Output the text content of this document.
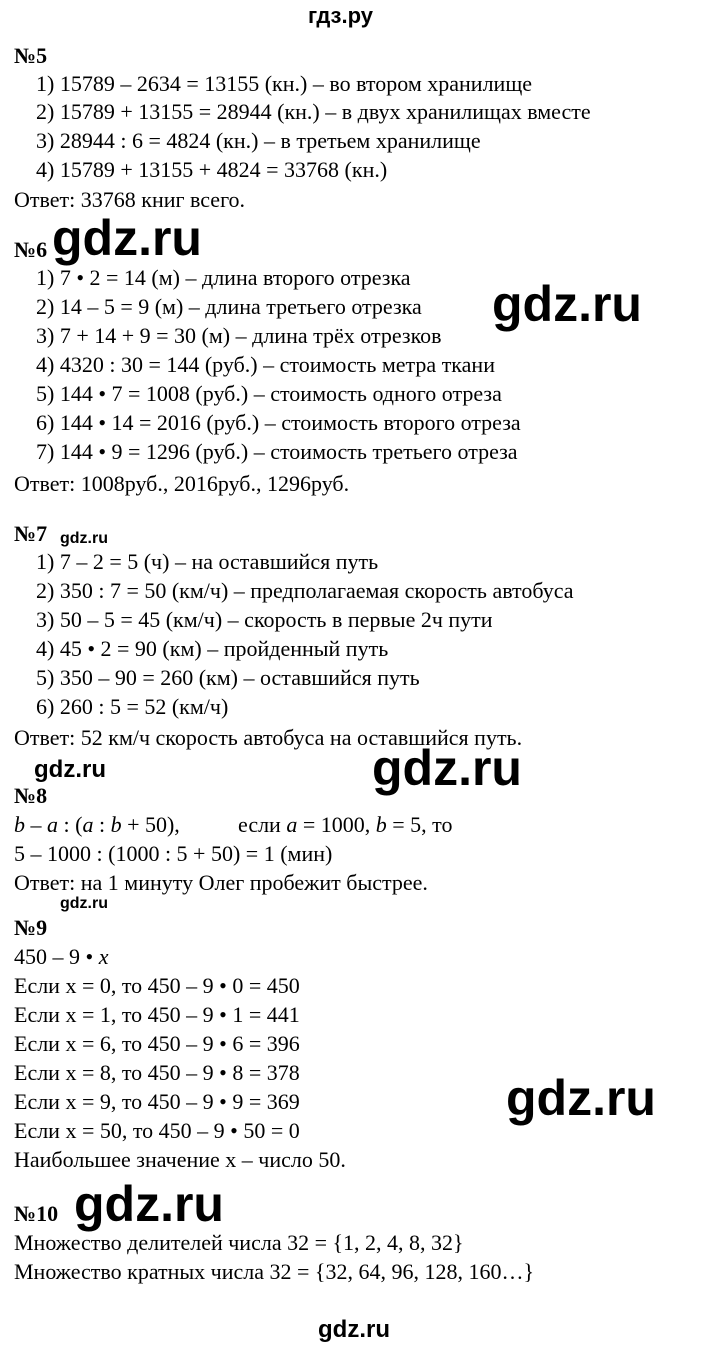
гдз.ру
№5
1) 15789 – 2634 = 13155 (кн.) – во втором хранилище
2) 15789 + 13155 = 28944 (кн.) – в двух хранилищах вместе
3) 28944 : 6 = 4824 (кн.) – в третьем хранилище
4) 15789 + 13155 + 4824 = 33768 (кн.)
Ответ: 33768 книг всего.
№6 gdz.ru
1) 7 • 2 = 14 (м) – длина второго отрезка
2) 14 – 5 = 9 (м) – длина третьего отрезка gdz.ru
3) 7 + 14 + 9 = 30 (м) – длина трёх отрезков
4) 4320 : 30 = 144 (руб.) – стоимость метра ткани
5) 144 • 7 = 1008 (руб.) – стоимость одного отреза
6) 144 • 14 = 2016 (руб.) – стоимость второго отреза
7) 144 • 9 = 1296 (руб.) – стоимость третьего отреза
Ответ: 1008руб., 2016руб., 1296руб.
№7 gdz.ru
1) 7 – 2 = 5 (ч) – на оставшийся путь
2) 350 : 7 = 50 (км/ч) – предполагаемая скорость автобуса
3) 50 – 5 = 45 (км/ч) – скорость в первые 2ч пути
4) 45 • 2 = 90 (км) – пройденный путь
5) 350 – 90 = 260 (км) – оставшийся путь
6) 260 : 5 = 52 (км/ч)
Ответ: 52 км/ч скорость автобуса на оставшийся путь.
gdz.ru	gdz.ru
№8
b – a : (a : b + 50),	если a = 1000, b = 5, то
5 – 1000 : (1000 : 5 + 50) = 1 (мин)
Ответ: на 1 минуту Олег пробежит быстрее.
gdz.ru
№9
450 – 9 • x
Если x = 0, то 450 – 9 • 0 = 450
Если x = 1, то 450 – 9 • 1 = 441
Если x = 6, то 450 – 9 • 6 = 396
Если x = 8, то 450 – 9 • 8 = 378	gdz.ru
Если x = 9, то 450 – 9 • 9 = 369
Если x = 50, то 450 – 9 • 50 = 0
Наибольшее значение x – число 50.
№10 gdz.ru
Множество делителей числа 32 = {1, 2, 4, 8, 32}
Множество кратных числа 32 = {32, 64, 96, 128, 160…}
gdz.ru
